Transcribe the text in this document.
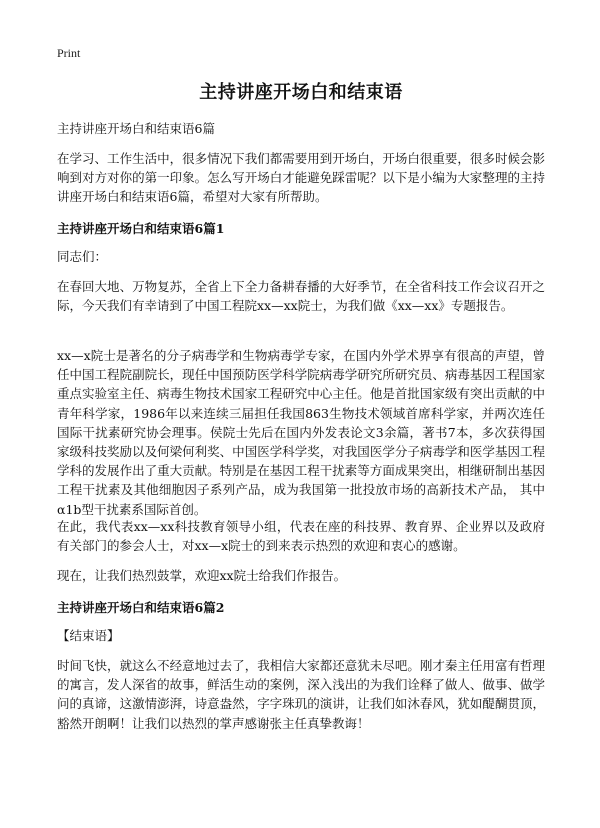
Print
主持讲座开场白和结束语
主持讲座开场白和结束语6篇

在学习、工作生活中，很多情况下我们都需要用到开场白，开场白很重要，很多时候会影响到对方对你的第一印象。怎么写开场白才能避免踩雷呢？以下是小编为大家整理的主持讲座开场白和结束语6篇，希望对大家有所帮助。

主持讲座开场白和结束语6篇1

同志们：

在春回大地、万物复苏，全省上下全力备耕春播的大好季节，在全省科技工作会议召开之际，今天我们有幸请到了中国工程院xx—xx院士，为我们做《xx—xx》专题报告。

xx—x院士是著名的分子病毒学和生物病毒学专家，在国内外学术界享有很高的声望，曾任中国工程院副院长，现任中国预防医学科学院病毒学研究所研究员、病毒基因工程国家重点实验室主任、病毒生物技术国家工程研究中心主任。他是首批国家级有突出贡献的中青年科学家，1986年以来连续三届担任我国863生物技术领域首席科学家，并两次连任国际干扰素研究协会理事。侯院士先后在国内外发表论文3余篇，著书7本，多次获得国家级科技奖励以及何梁何利奖、中国医学科学奖，对我国医学分子病毒学和医学基因工程学科的发展作出了重大贡献。特别是在基因工程干扰素等方面成果突出，相继研制出基因工程干扰素及其他细胞因子系列产品，成为我国第一批投放市场的高新技术产品， 其中α1b型干扰素系国际首创。

在此，我代表xx—xx科技教育领导小组，代表在座的科技界、教育界、企业界以及政府有关部门的参会人士，对xx—x院士的到来表示热烈的欢迎和衷心的感谢。

现在，让我们热烈鼓掌，欢迎xx院士给我们作报告。

主持讲座开场白和结束语6篇2

【结束语】

时间飞快，就这么不经意地过去了，我相信大家都还意犹未尽吧。刚才秦主任用富有哲理的寓言，发人深省的故事，鲜活生动的案例，深入浅出的为我们诠释了做人、做事、做学问的真谛，这激情澎湃，诗意盎然，字字珠玑的演讲，让我们如沐春风，犹如醍醐贯顶，豁然开朗啊！让我们以热烈的掌声感谢张主任真挚教诲！
